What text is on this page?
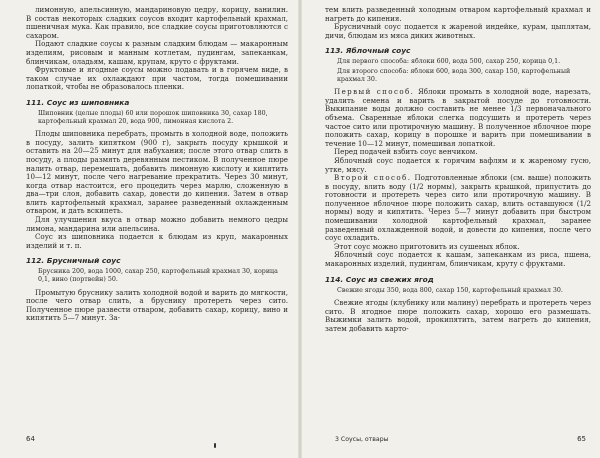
лимонную, апельсинную, мандариновую цедру, корицу, ванилин. В состав некоторых сладких соусов входит картофельный крахмал, пшеничная мука. Как правило, все сладкие соусы приготовляются с сахаром.

Подают сладкие соусы к разным сладким блюдам — макаронным изделиям, рисовым и манным котлетам, пудингам, запеканкам, блинчикам, оладьям, кашам, крупам, круто с фруктами.

Фруктовые и ягодные соусы можно подавать и в горячем виде, в таком случае их охлаждают при частом, тогда помешивании лопаткой, чтобы не образовалось пленки.

111. Соус из шиповника

Шиповник (целые плоды) 60 или порошок шиповника 30, сахар 180, картофельный крахмал 20, вода 900, лимонная кислота 2.

Плоды шиповника перебрать, промыть в холодной воде, положить в посуду, залить кипятком (900 г), закрыть посуду крышкой и оставить на 20—25 минут для набухания; после этого отвар слить в посуду, а плоды размять деревянным пестиком. В полученное пюре налить отвар, перемешать, добавить лимонную кислоту и кипятить 10—12 минут, после чего нагревание прекратить. Через 30 минут, когда отвар настоится, его процедить через марлю, сложенную в два—три слоя, добавить сахар, довести до кипения. Затем в отвар влить картофельный крахмал, заранее разведенный охлажденным отваром, и дать вскипеть.

Для улучшения вкуса в отвар можно добавить немного цедры лимона, мандарина или апельсина.

Соус из шиповника подается к блюдам из круп, макаронных изделий и т. п.

112. Брусничный соус

Брусника 200, вода 1000, сахар 250, картофельный крахмал 30, корица 0,1, вино (портвейн) 50.

Промытую бруснику залить холодной водой и варить до мягкости, после чего отвар слить, а бруснику протереть через сито. Полученное пюре развести отваром, добавить сахар, корицу, вино и кипятить 5—7 минут. За-

64

тем влить разведенный холодным отваром картофельный крахмал и нагреть до кипения.

Брусничный соус подается к жареной индейке, курам, цыплятам, дичи, блюдам из мяса диких животных.

113. Яблочный соус

Для первого способа: яблоки 600, вода 500, сахар 250, корица 0,1.

Для второго способа: яблоки 600, вода 300, сахар 150, картофельный крахмал 30.

Первый способ. Яблоки промыть в холодной воде, нарезать, удалить семена и варить в закрытой посуде до готовности. Выкипание воды должно составить не менее 1/3 первоначального объема. Сваренные яблоки слегка подсушить и протереть через частое сито или протирочную машину. В полученное яблочное пюре положить сахар, корицу в порошке и варить при помешивании в течение 10—12 минут, помешивая лопаткой.

Перед подачей взбить соус венчиком.

Яблочный соус подается к горячим вафлям и к жареному гусю, утке, мясу.

Второй способ. Подготовленные яблоки (см. выше) положить в посуду, влить воду (1/2 нормы), закрыть крышкой, припустить до готовности и протереть через сито или протирочную машину. В полученное яблочное пюре положить сахар, влить оставшуюся (1/2 нормы) воду и кипятить. Через 5—7 минут добавить при быстром помешивании холодной картофельный крахмал, заранее разведенный охлажденной водой, и довести до кипения, после чего соус охладить.

Этот соус можно приготовить из сушеных яблок.

Яблочный соус подается к кашам, запеканкам из риса, пшена, макаронных изделий, пудингам, блинчикам, круту с фруктами.

114. Соус из свежих ягод

Свежие ягоды 350, вода 800, сахар 150, картофельный крахмал 30.

Свежие ягоды (клубнику или малину) перебрать и протереть через сито. В ягодное пюре положить сахар, хорошо его размешать. Выжимки залить водой, прокипятить, затем нагреть до кипения, затем добавить карто-

3 Соусы, отвары	65
